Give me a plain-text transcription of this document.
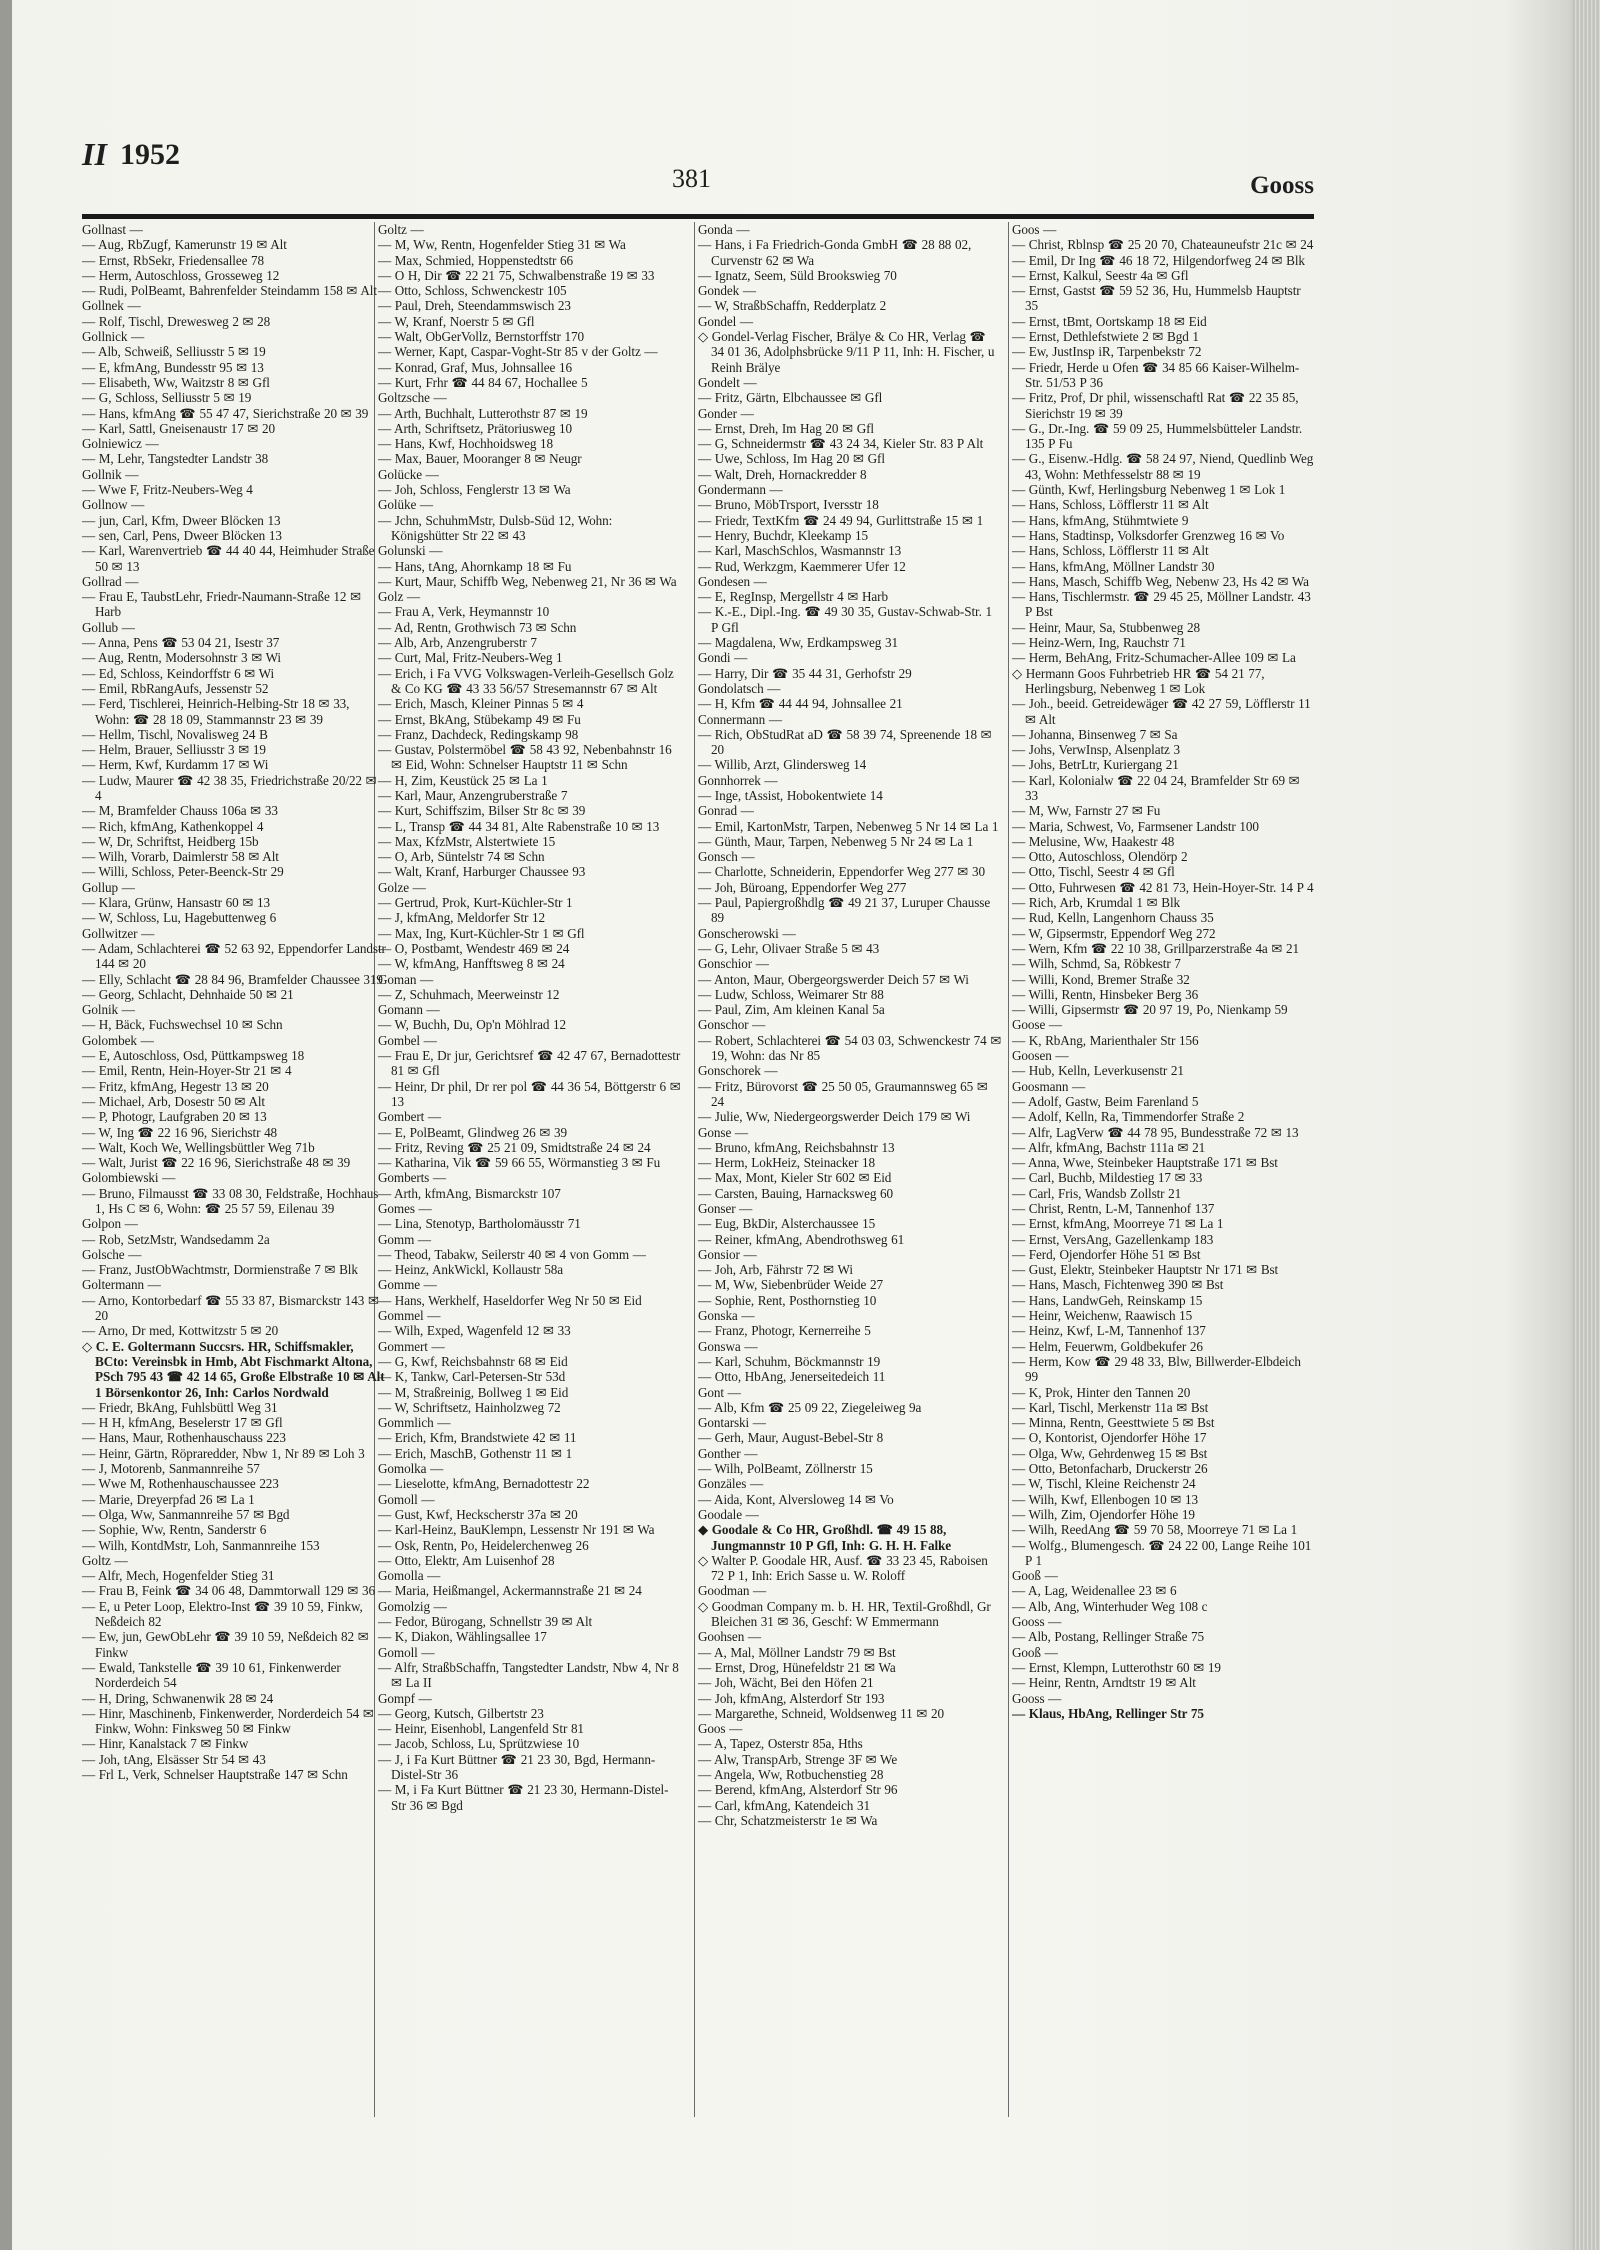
II 1952
381	Gooss
Gollnast —
— Aug, RbZugf, Kamerunstr 19 ✉ Alt
— Ernst, RbSekr, Friedensallee 78
— Herm, Autoschloss, Grosseweg 12
— Rudi, PolBeamt, Bahrenfelder Steindamm 158 ✉ Alt
Gollnek —
— Rolf, Tischl, Drewesweg 2 ✉ 28
Gollnick —
— Alb, Schweiß, Selliusstr 5 ✉ 19
— E, kfmAng, Bundesstr 95 ✉ 13
— Elisabeth, Ww, Waitzstr 8 ✉ Gfl
— G, Schloss, Selliusstr 5 ✉ 19
— Hans, kfmAng ☎ 55 47 47, Sierichstraße 20 ✉ 39
— Karl, Sattl, Gneisenaustr 17 ✉ 20
Golniewicz —
— M, Lehr, Tangstedter Landstr 38
Gollnik —
— Wwe F, Fritz-Neubers-Weg 4
Gollnow —
— jun, Carl, Kfm, Dweer Blöcken 13
— sen, Carl, Pens, Dweer Blöcken 13
— Karl, Warenvertrieb ☎ 44 40 44, Heimhuder Straße 50 ✉ 13
Gollrad —
— Frau E, TaubstLehr, Friedr-Naumann-Straße 12 ✉ Harb
Gollub —
— Anna, Pens ☎ 53 04 21, Isestr 37
— Aug, Rentn, Modersohnstr 3 ✉ Wi
— Ed, Schloss, Keindorffstr 6 ✉ Wi
— Emil, RbRangAufs, Jessenstr 52
— Ferd, Tischlerei, Heinrich-Helbing-Str 18 ✉ 33, Wohn: ☎ 28 18 09, Stammannstr 23 ✉ 39
— Hellm, Tischl, Novalisweg 24 B
— Helm, Brauer, Selliusstr 3 ✉ 19
— Herm, Kwf, Kurdamm 17 ✉ Wi
— Ludw, Maurer ☎ 42 38 35, Friedrichstraße 20/22 ✉ 4
— M, Bramfelder Chauss 106a ✉ 33
— Rich, kfmAng, Kathenkoppel 4
— W, Dr, Schriftst, Heidberg 15b
— Wilh, Vorarb, Daimlerstr 58 ✉ Alt
— Willi, Schloss, Peter-Beenck-Str 29
Gollup —
— Klara, Grünw, Hansastr 60 ✉ 13
— W, Schloss, Lu, Hagebuttenweg 6
Gollwitzer —
— Adam, Schlachterei ☎ 52 63 92, Eppendorfer Landstr 144 ✉ 20
— Elly, Schlacht ☎ 28 84 96, Bramfelder Chaussee 319
— Georg, Schlacht, Dehnhaide 50 ✉ 21
Golnik —
— H, Bäck, Fuchswechsel 10 ✉ Schn
Golombek —
— E, Autoschloss, Osd, Püttkampsweg 18
— Emil, Rentn, Hein-Hoyer-Str 21 ✉ 4
— Fritz, kfmAng, Hegestr 13 ✉ 20
— Michael, Arb, Dosestr 50 ✉ Alt
— P, Photogr, Laufgraben 20 ✉ 13
— W, Ing ☎ 22 16 96, Sierichstr 48
— Walt, Koch We, Wellingsbüttler Weg 71b
— Walt, Jurist ☎ 22 16 96, Sierichstraße 48 ✉ 39
Golombiewski —
— Bruno, Filmausst ☎ 33 08 30, Feldstraße, Hochhaus 1, Hs C ✉ 6, Wohn: ☎ 25 57 59, Eilenau 39
Golpon —
— Rob, SetzMstr, Wandsedamm 2a
Golsche —
— Franz, JustObWachtmstr, Dormienstraße 7 ✉ Blk
Goltermann —
— Arno, Kontorbedarf ☎ 55 33 87, Bismarckstr 143 ✉ 20
— Arno, Dr med, Kottwitzstr 5 ✉ 20
◇ C. E. Goltermann Succsrs. HR, Schiffsmakler, BCto: Vereinsbk in Hmb, Abt Fischmarkt Altona, PSch 795 43 ☎ 42 14 65, Große Elbstraße 10 ✉ Alt 1 Börsenkontor 26, Inh: Carlos Nordwald
— Friedr, BkAng, Fuhlsbüttl Weg 31
— H H, kfmAng, Beselerstr 17 ✉ Gfl
— Hans, Maur, Rothenhauschauss 223
— Heinr, Gärtn, Röpraredder, Nbw 1, Nr 89 ✉ Loh 3
— J, Motorenb, Sanmannreihe 57
— Wwe M, Rothenhauschaussee 223
— Marie, Dreyerpfad 26 ✉ La 1
— Olga, Ww, Sanmannreihe 57 ✉ Bgd
— Sophie, Ww, Rentn, Sanderstr 6
— Wilh, KontdMstr, Loh, Sanmannreihe 153
Goltz —
— Alfr, Mech, Hogenfelder Stieg 31
— Frau B, Feink ☎ 34 06 48, Dammtorwall 129 ✉ 36
— E, u Peter Loop, Elektro-Inst ☎ 39 10 59, Finkw, Neßdeich 82
— Ew, jun, GewObLehr ☎ 39 10 59, Neßdeich 82 ✉ Finkw
— Ewald, Tankstelle ☎ 39 10 61, Finkenwerder Norderdeich 54
— H, Dring, Schwanenwik 28 ✉ 24
— Hinr, Maschinenb, Finkenwerder, Norderdeich 54 ✉ Finkw, Wohn: Finksweg 50 ✉ Finkw
— Hinr, Kanalstack 7 ✉ Finkw
— Joh, tAng, Elsässer Str 54 ✉ 43
— Frl L, Verk, Schnelser Hauptstraße 147 ✉ Schn
Goltz —
— M, Ww, Rentn, Hogenfelder Stieg 31 ✉ Wa
— Max, Schmied, Hoppenstedtstr 66
— O H, Dir ☎ 22 21 75, Schwalbenstraße 19 ✉ 33
— Otto, Schloss, Schwenckestr 105
— Paul, Dreh, Steendammswisch 23
— W, Kranf, Noerstr 5 ✉ Gfl
— Walt, ObGerVollz, Bernstorffstr 170
— Werner, Kapt, Caspar-Voght-Str 85 v der Goltz —
— Konrad, Graf, Mus, Johnsallee 16
— Kurt, Frhr ☎ 44 84 67, Hochallee 5
Goltzsche —
— Arth, Buchhalt, Lutterothstr 87 ✉ 19
— Arth, Schriftsetz, Prätoriusweg 10
— Hans, Kwf, Hochhoidsweg 18
— Max, Bauer, Mooranger 8 ✉ Neugr
Golücke —
— Joh, Schloss, Fenglerstr 13 ✉ Wa
Golüke —
— Jchn, SchuhmMstr, Dulsb-Süd 12, Wohn: Königshütter Str 22 ✉ 43
Golunski —
— Hans, tAng, Ahornkamp 18 ✉ Fu
— Kurt, Maur, Schiffb Weg, Nebenweg 21, Nr 36 ✉ Wa
Golz —
— Frau A, Verk, Heymannstr 10
— Ad, Rentn, Grothwisch 73 ✉ Schn
— Alb, Arb, Anzengruberstr 7
— Curt, Mal, Fritz-Neubers-Weg 1
— Erich, i Fa VVG Volkswagen-Verleih-Gesellsch Golz & Co KG ☎ 43 33 56/57 Stresemannstr 67 ✉ Alt
— Erich, Masch, Kleiner Pinnas 5 ✉ 4
— Ernst, BkAng, Stübekamp 49 ✉ Fu
— Franz, Dachdeck, Redingskamp 98
— Gustav, Polstermöbel ☎ 58 43 92, Nebenbahnstr 16 ✉ Eid, Wohn: Schnelser Hauptstr 11 ✉ Schn
— H, Zim, Keustück 25 ✉ La 1
— Karl, Maur, Anzengruberstraße 7
— Kurt, Schiffszim, Bilser Str 8c ✉ 39
— L, Transp ☎ 44 34 81, Alte Rabenstraße 10 ✉ 13
— Max, KfzMstr, Alstertwiete 15
— O, Arb, Süntelstr 74 ✉ Schn
— Walt, Kranf, Harburger Chaussee 93
Golze —
— Gertrud, Prok, Kurt-Küchler-Str 1
— J, kfmAng, Meldorfer Str 12
— Max, Ing, Kurt-Küchler-Str 1 ✉ Gfl
— O, Postbamt, Wendestr 469 ✉ 24
— W, kfmAng, Hanfftsweg 8 ✉ 24
Goman —
— Z, Schuhmach, Meerweinstr 12
Gomann —
— W, Buchh, Du, Op'n Möhlrad 12
Gombel —
— Frau E, Dr jur, Gerichtsref ☎ 42 47 67, Bernadottestr 81 ✉ Gfl
— Heinr, Dr phil, Dr rer pol ☎ 44 36 54, Böttgerstr 6 ✉ 13
Gombert —
— E, PolBeamt, Glindweg 26 ✉ 39
— Fritz, Reving ☎ 25 21 09, Smidtstraße 24 ✉ 24
— Katharina, Vik ☎ 59 66 55, Wörmanstieg 3 ✉ Fu
Gomberts —
— Arth, kfmAng, Bismarckstr 107
Gomes —
— Lina, Stenotyp, Bartholomäusstr 71
Gomm —
— Theod, Tabakw, Seilerstr 40 ✉ 4 von Gomm —
— Heinz, AnkWickl, Kollaustr 58a
Gomme —
— Hans, Werkhelf, Haseldorfer Weg Nr 50 ✉ Eid
Gommel —
— Wilh, Exped, Wagenfeld 12 ✉ 33
Gommert —
— G, Kwf, Reichsbahnstr 68 ✉ Eid
— K, Tankw, Carl-Petersen-Str 53d
— M, Straßreinig, Bollweg 1 ✉ Eid
— W, Schriftsetz, Hainholzweg 72
Gommlich —
— Erich, Kfm, Brandstwiete 42 ✉ 11
— Erich, MaschB, Gothenstr 11 ✉ 1
Gomolka —
— Lieselotte, kfmAng, Bernadottestr 22
Gomoll —
— Gust, Kwf, Heckscherstr 37a ✉ 20
— Karl-Heinz, BauKlempn, Lessenstr Nr 191 ✉ Wa
— Osk, Rentn, Po, Heidelerchenweg 26
— Otto, Elektr, Am Luisenhof 28
Gomolla —
— Maria, Heißmangel, Ackermannstraße 21 ✉ 24
Gomolzig —
— Fedor, Bürogang, Schnellstr 39 ✉ Alt
— K, Diakon, Wählingsallee 17
Gomoll —
— Alfr, StraßbSchaffn, Tangstedter Landstr, Nbw 4, Nr 8 ✉ La II
Gompf —
— Georg, Kutsch, Gilbertstr 23
— Heinr, Eisenhobl, Langenfeld Str 81
— Jacob, Schloss, Lu, Sprützwiese 10
— J, i Fa Kurt Büttner ☎ 21 23 30, Bgd, Hermann-Distel-Str 36
— M, i Fa Kurt Büttner ☎ 21 23 30, Hermann-Distel-Str 36 ✉ Bgd
Gonda —
— Hans, i Fa Friedrich-Gonda GmbH ☎ 28 88 02, Curvenstr 62 ✉ Wa
— Ignatz, Seem, Süld Brookswieg 70
Gondek —
— W, StraßbSchaffn, Redderplatz 2
Gondel —
◇ Gondel-Verlag Fischer, Brälye & Co HR, Verlag ☎ 34 01 36, Adolphsbrücke 9/11 P 11, Inh: H. Fischer, u Reinh Brälye
Gondelt —
— Fritz, Gärtn, Elbchaussee ✉ Gfl
Gonder —
— Ernst, Dreh, Im Hag 20 ✉ Gfl
— G, Schneidermstr ☎ 43 24 34, Kieler Str. 83 P Alt
— Uwe, Schloss, Im Hag 20 ✉ Gfl
— Walt, Dreh, Hornackredder 8
Gondermann —
— Bruno, MöbTrsport, Iversstr 18
— Friedr, TextKfm ☎ 24 49 94, Gurlittstraße 15 ✉ 1
— Henry, Buchdr, Kleekamp 15
— Karl, MaschSchlos, Wasmannstr 13
— Rud, Werkzgm, Kaemmerer Ufer 12
Gondesen —
— E, RegInsp, Mergellstr 4 ✉ Harb
— K.-E., Dipl.-Ing. ☎ 49 30 35, Gustav-Schwab-Str. 1 P Gfl
— Magdalena, Ww, Erdkampsweg 31
Gondi —
— Harry, Dir ☎ 35 44 31, Gerhofstr 29
Gondolatsch —
— H, Kfm ☎ 44 44 94, Johnsallee 21
Connermann —
— Rich, ObStudRat aD ☎ 58 39 74, Spreenende 18 ✉ 20
— Willib, Arzt, Glindersweg 14
Gonnhorrek —
— Inge, tAssist, Hobokentwiete 14
Gonrad —
— Emil, KartonMstr, Tarpen, Nebenweg 5 Nr 14 ✉ La 1
— Günth, Maur, Tarpen, Nebenweg 5 Nr 24 ✉ La 1
Gonsch —
— Charlotte, Schneiderin, Eppendorfer Weg 277 ✉ 30
— Joh, Büroang, Eppendorfer Weg 277
— Paul, Papiergroßhdlg ☎ 49 21 37, Luruper Chausse 89
Gonscherowski —
— G, Lehr, Olivaer Straße 5 ✉ 43
Gonschior —
— Anton, Maur, Obergeorgswerder Deich 57 ✉ Wi
— Ludw, Schloss, Weimarer Str 88
— Paul, Zim, Am kleinen Kanal 5a
Gonschor —
— Robert, Schlachterei ☎ 54 03 03, Schwenckestr 74 ✉ 19, Wohn: das Nr 85
Gonschorek —
— Fritz, Bürovorst ☎ 25 50 05, Graumannsweg 65 ✉ 24
— Julie, Ww, Niedergeorgswerder Deich 179 ✉ Wi
Gonse —
— Bruno, kfmAng, Reichsbahnstr 13
— Herm, LokHeiz, Steinacker 18
— Max, Mont, Kieler Str 602 ✉ Eid
— Carsten, Bauing, Harnacksweg 60
Gonser —
— Eug, BkDir, Alsterchaussee 15
— Reiner, kfmAng, Abendrothsweg 61
Gonsior —
— Joh, Arb, Fährstr 72 ✉ Wi
— M, Ww, Siebenbrüder Weide 27
— Sophie, Rent, Posthornstieg 10
Gonska —
— Franz, Photogr, Kernerreihe 5
Gonswa —
— Karl, Schuhm, Böckmannstr 19
— Otto, HbAng, Jenerseitedeich 11
Gont —
— Alb, Kfm ☎ 25 09 22, Ziegeleiweg 9a
Gontarski —
— Gerh, Maur, August-Bebel-Str 8
Gonther —
— Wilh, PolBeamt, Zöllnerstr 15
Gonzäles —
— Aida, Kont, Alversloweg 14 ✉ Vo
Goodale —
◆ Goodale & Co HR, Großhdl. ☎ 49 15 88, Jungmannstr 10 P Gfl, Inh: G. H. H. Falke
◇ Walter P. Goodale HR, Ausf. ☎ 33 23 45, Raboisen 72 P 1, Inh: Erich Sasse u. W. Roloff
Goodman —
◇ Goodman Company m. b. H. HR, Textil-Großhdl, Gr Bleichen 31 ✉ 36, Geschf: W Emmermann
Goohsen —
— A, Mal, Möllner Landstr 79 ✉ Bst
— Ernst, Drog, Hünefeldstr 21 ✉ Wa
— Joh, Wächt, Bei den Höfen 21
— Joh, kfmAng, Alsterdorf Str 193
— Margarethe, Schneid, Woldsenweg 11 ✉ 20
Goos —
— A, Tapez, Osterstr 85a, Hths
— Alw, TranspArb, Strenge 3F ✉ We
— Angela, Ww, Rotbuchenstieg 28
— Berend, kfmAng, Alsterdorf Str 96
— Carl, kfmAng, Katendeich 31
— Chr, Schatzmeisterstr 1e ✉ Wa
Goos —
— Christ, Rblnsp ☎ 25 20 70, Chateauneufstr 21c ✉ 24
— Emil, Dr Ing ☎ 46 18 72, Hilgendorfweg 24 ✉ Blk
— Ernst, Kalkul, Seestr 4a ✉ Gfl
— Ernst, Gastst ☎ 59 52 36, Hu, Hummelsb Hauptstr 35
— Ernst, tBmt, Oortskamp 18 ✉ Eid
— Ernst, Dethlefstwiete 2 ✉ Bgd 1
— Ew, JustInsp iR, Tarpenbekstr 72
— Friedr, Herde u Ofen ☎ 34 85 66 Kaiser-Wilhelm-Str. 51/53 P 36
— Fritz, Prof, Dr phil, wissenschaftl Rat ☎ 22 35 85, Sierichstr 19 ✉ 39
— G., Dr.-Ing. ☎ 59 09 25, Hummelsbütteler Landstr. 135 P Fu
— G., Eisenw.-Hdlg. ☎ 58 24 97, Niend, Quedlinb Weg 43, Wohn: Methfesselstr 88 ✉ 19
— Günth, Kwf, Herlingsburg Nebenweg 1 ✉ Lok 1
— Hans, Schloss, Löfflerstr 11 ✉ Alt
— Hans, kfmAng, Stühmtwiete 9
— Hans, Stadtinsp, Volksdorfer Grenzweg 16 ✉ Vo
— Hans, Schloss, Löfflerstr 11 ✉ Alt
— Hans, kfmAng, Möllner Landstr 30
— Hans, Masch, Schiffb Weg, Nebenw 23, Hs 42 ✉ Wa
— Hans, Tischlermstr. ☎ 29 45 25, Möllner Landstr. 43 P Bst
— Heinr, Maur, Sa, Stubbenweg 28
— Heinz-Wern, Ing, Rauchstr 71
— Herm, BehAng, Fritz-Schumacher-Allee 109 ✉ La
◇ Hermann Goos Fuhrbetrieb HR ☎ 54 21 77, Herlingsburg, Nebenweg 1 ✉ Lok
— Joh., beeid. Getreidewäger ☎ 42 27 59, Löfflerstr 11 ✉ Alt
— Johanna, Binsenweg 7 ✉ Sa
— Johs, VerwInsp, Alsenplatz 3
— Johs, BetrLtr, Kuriergang 21
— Karl, Kolonialw ☎ 22 04 24, Bramfelder Str 69 ✉ 33
— M, Ww, Farnstr 27 ✉ Fu
— Maria, Schwest, Vo, Farmsener Landstr 100
— Melusine, Ww, Haakestr 48
— Otto, Autoschloss, Olendörp 2
— Otto, Tischl, Seestr 4 ✉ Gfl
— Otto, Fuhrwesen ☎ 42 81 73, Hein-Hoyer-Str. 14 P 4
— Rich, Arb, Krumdal 1 ✉ Blk
— Rud, Kelln, Langenhorn Chauss 35
— W, Gipsermstr, Eppendorf Weg 272
— Wern, Kfm ☎ 22 10 38, Grillparzerstraße 4a ✉ 21
— Wilh, Schmd, Sa, Röbkestr 7
— Willi, Kond, Bremer Straße 32
— Willi, Rentn, Hinsbeker Berg 36
— Willi, Gipsermstr ☎ 20 97 19, Po, Nienkamp 59
Goose —
— K, RbAng, Marienthaler Str 156
Goosen —
— Hub, Kelln, Leverkusenstr 21
Goosmann —
— Adolf, Gastw, Beim Farenland 5
— Adolf, Kelln, Ra, Timmendorfer Straße 2
— Alfr, LagVerw ☎ 44 78 95, Bundesstraße 72 ✉ 13
— Alfr, kfmAng, Bachstr 111a ✉ 21
— Anna, Wwe, Steinbeker Hauptstraße 171 ✉ Bst
— Carl, Buchb, Mildestieg 17 ✉ 33
— Carl, Fris, Wandsb Zollstr 21
— Christ, Rentn, L-M, Tannenhof 137
— Ernst, kfmAng, Moorreye 71 ✉ La 1
— Ernst, VersAng, Gazellenkamp 183
— Ferd, Ojendorfer Höhe 51 ✉ Bst
— Gust, Elektr, Steinbeker Hauptstr Nr 171 ✉ Bst
— Hans, Masch, Fichtenweg 390 ✉ Bst
— Hans, LandwGeh, Reinskamp 15
— Heinr, Weichenw, Raawisch 15
— Heinz, Kwf, L-M, Tannenhof 137
— Helm, Feuerwm, Goldbekufer 26
— Herm, Kow ☎ 29 48 33, Blw, Billwerder-Elbdeich 99
— K, Prok, Hinter den Tannen 20
— Karl, Tischl, Merkenstr 11a ✉ Bst
— Minna, Rentn, Geesttwiete 5 ✉ Bst
— O, Kontorist, Ojendorfer Höhe 17
— Olga, Ww, Gehrdenweg 15 ✉ Bst
— Otto, Betonfacharb, Druckerstr 26
— W, Tischl, Kleine Reichenstr 24
— Wilh, Kwf, Ellenbogen 10 ✉ 13
— Wilh, Zim, Ojendorfer Höhe 19
— Wilh, ReedAng ☎ 59 70 58, Moorreye 71 ✉ La 1
— Wolfg., Blumengesch. ☎ 24 22 00, Lange Reihe 101 P 1
Gooß —
— A, Lag, Weidenallee 23 ✉ 6
— Alb, Ang, Winterhuder Weg 108 c
Gooss —
— Alb, Postang, Rellinger Straße 75
Gooß —
— Ernst, Klempn, Lutterothstr 60 ✉ 19
— Heinr, Rentn, Arndtstr 19 ✉ Alt
Gooss —
— Klaus, HbAng, Rellinger Str 75
